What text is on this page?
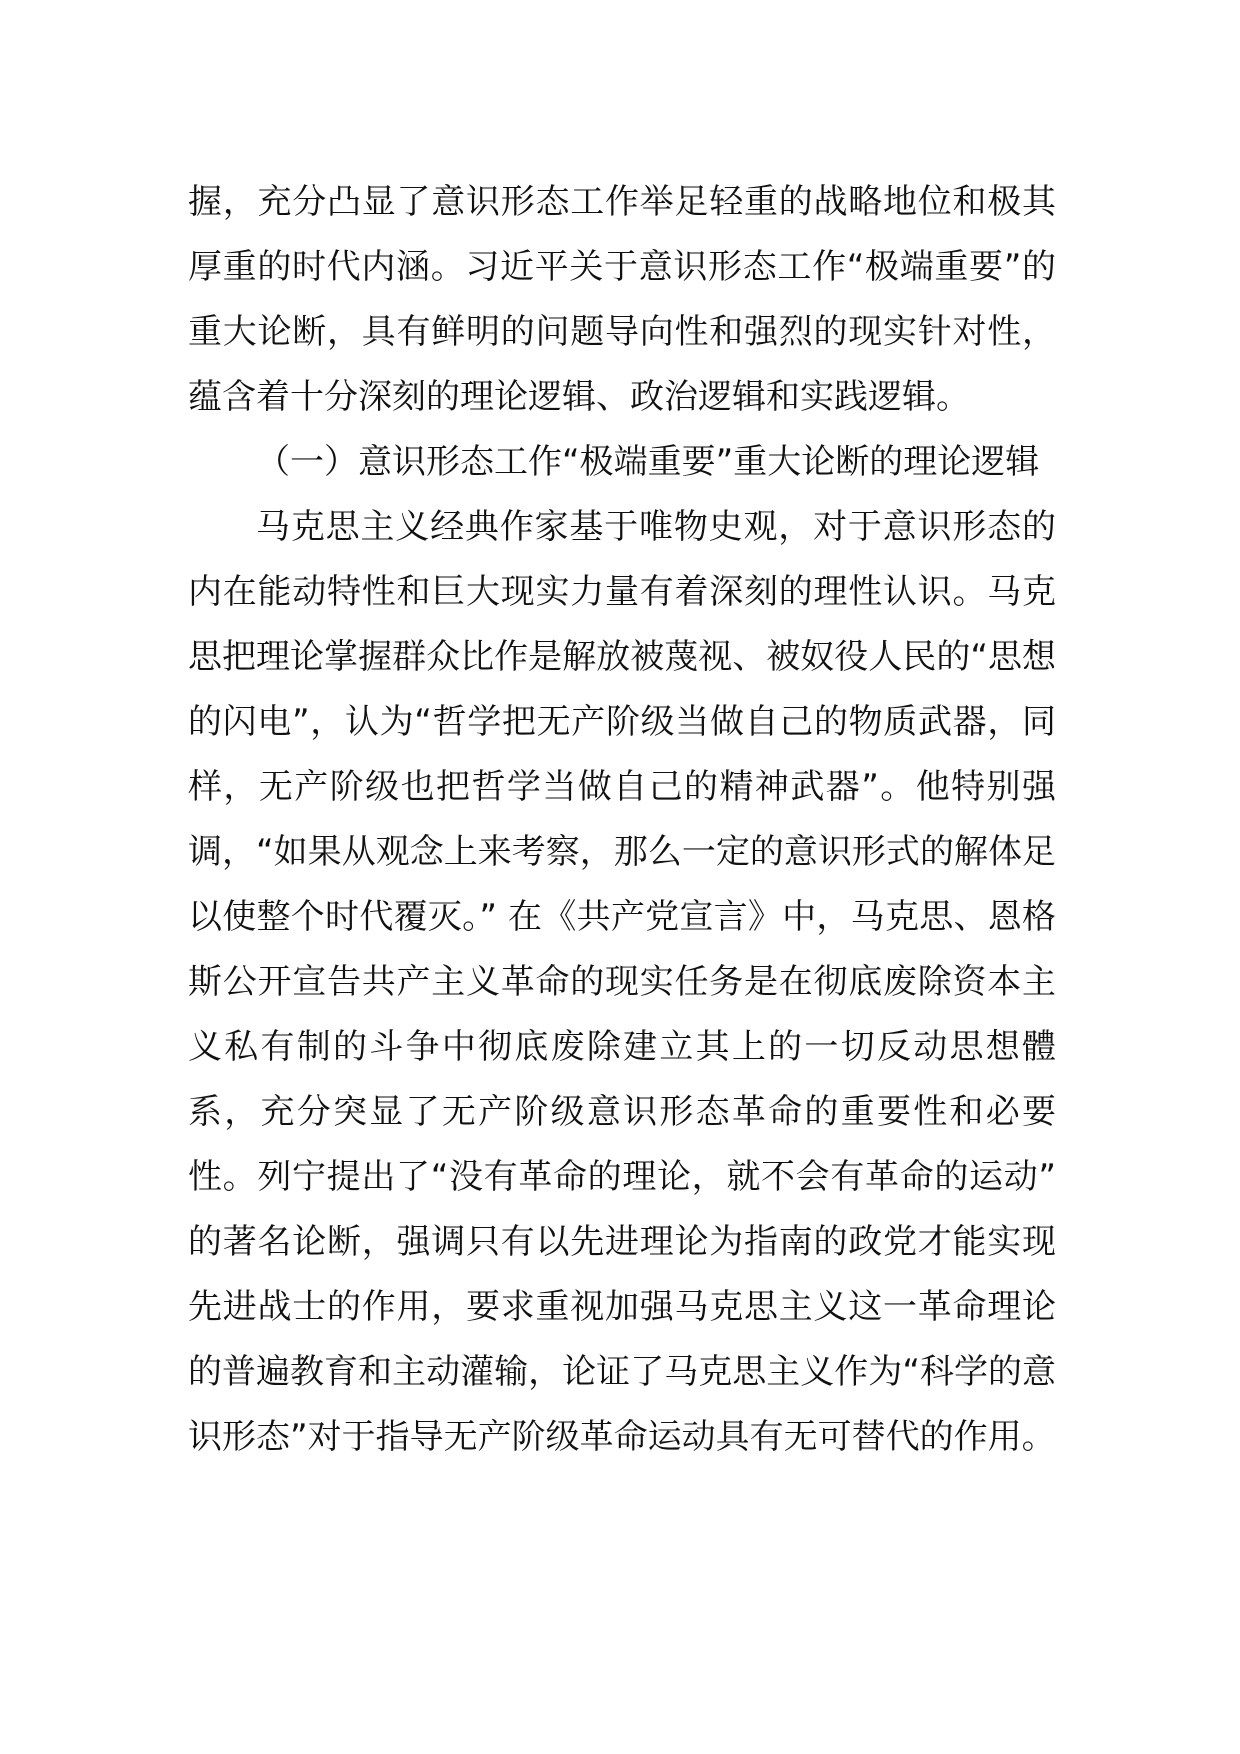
握，充分凸显了意识形态工作举足轻重的战略地位和极其厚重的时代内涵。习近平关于意识形态工作“极端重要”的重大论断，具有鲜明的问题导向性和强烈的现实针对性，蕴含着十分深刻的理论逻辑、政治逻辑和实践逻辑。

（一）意识形态工作“极端重要”重大论断的理论逻辑

马克思主义经典作家基于唯物史观，对于意识形态的内在能动特性和巨大现实力量有着深刻的理性认识。马克思把理论掌握群众比作是解放被蔑视、被奴役人民的“思想的闪电”，认为“哲学把无产阶级当做自己的物质武器，同样，无产阶级也把哲学当做自己的精神武器”。他特别强调，“如果从观念上来考察，那么一定的意识形式的解体足以使整个时代覆灭。” 在《共产党宣言》中，马克思、恩格斯公开宣告共产主义革命的现实任务是在彻底废除资本主义私有制的斗争中彻底废除建立其上的一切反动思想體系，充分突显了无产阶级意识形态革命的重要性和必要性。列宁提出了“没有革命的理论，就不会有革命的运动” 的著名论断，强调只有以先进理论为指南的政党才能实现先进战士的作用，要求重视加强马克思主义这一革命理论的普遍教育和主动灌输，论证了马克思主义作为“科学的意识形态”对于指导无产阶级革命运动具有无可替代的作用。
